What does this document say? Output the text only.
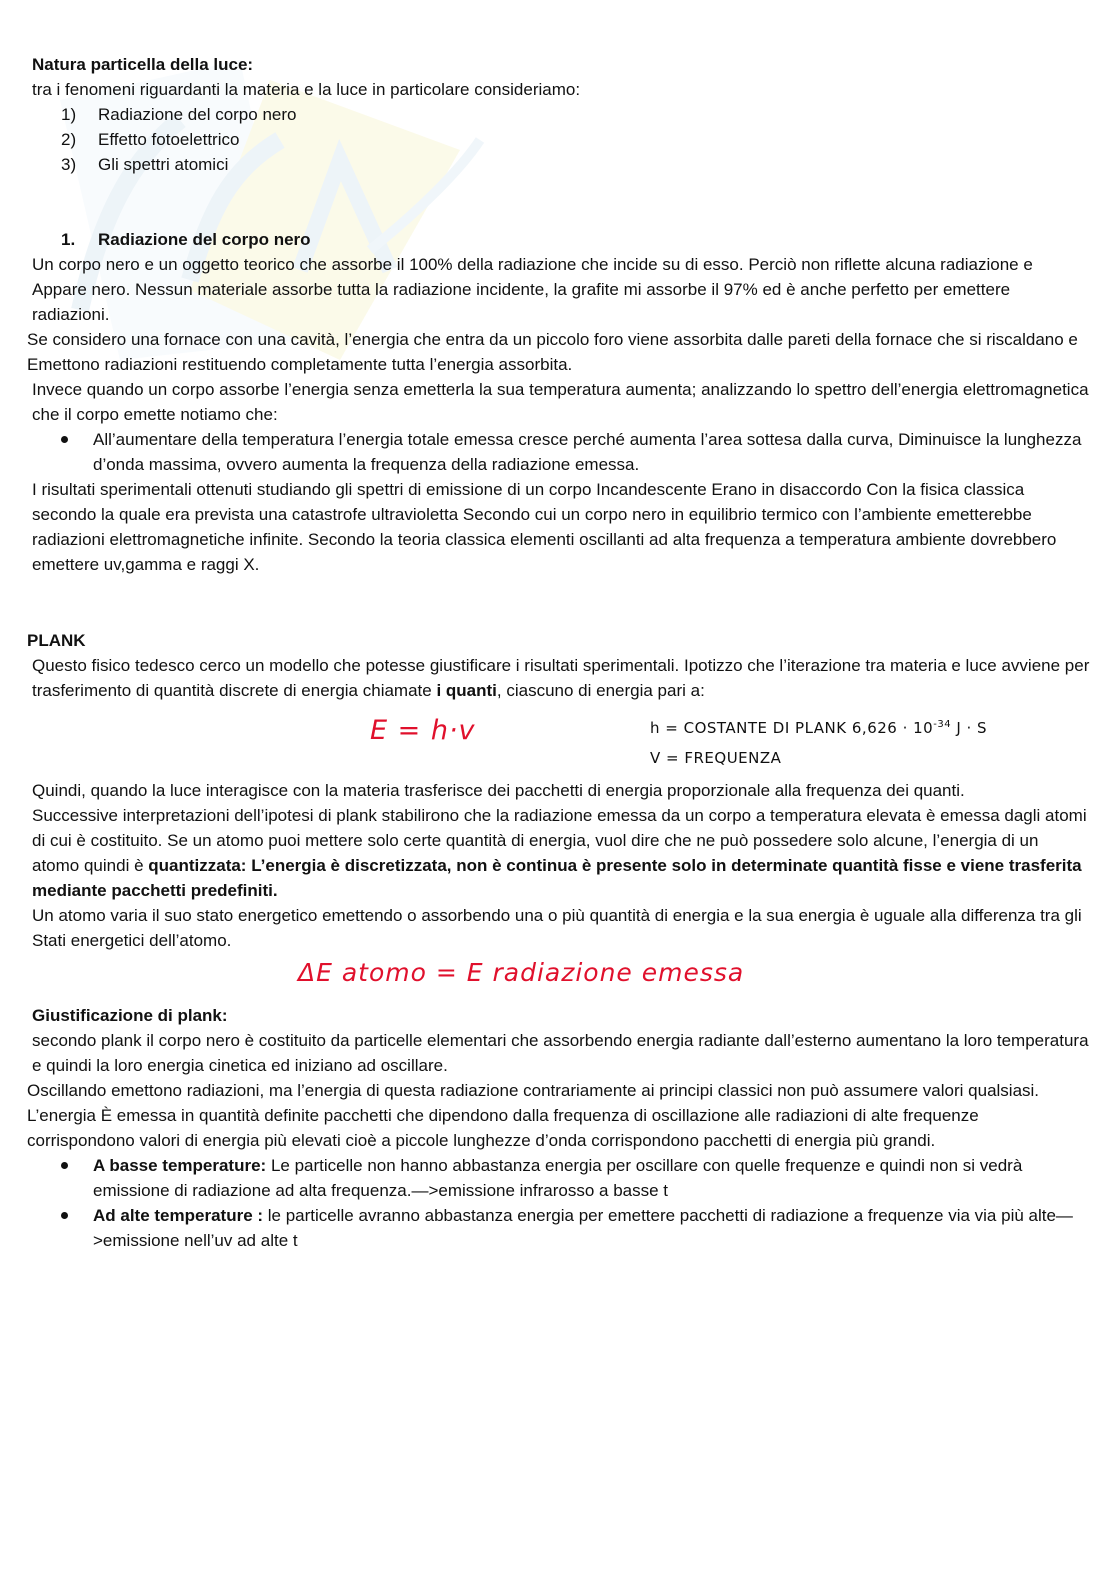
Natura particella della luce:
tra i fenomeni riguardanti la materia e la luce in particolare consideriamo:
1)	Radiazione del corpo nero
2)	Effetto fotoelettrico
3)	Gli spettri atomici
1. Radiazione del corpo nero
Un corpo nero e un oggetto teorico che assorbe il 100% della radiazione che incide su di esso. Perciò non riflette alcuna radiazione e Appare nero. Nessun materiale assorbe tutta la radiazione incidente, la grafite mi assorbe il 97% ed è anche perfetto per emettere radiazioni.
Se considero una fornace con una cavità, l’energia che entra da un piccolo foro viene assorbita dalle pareti della fornace che si riscaldano e Emettono radiazioni restituendo completamente tutta l’energia assorbita.
Invece quando un corpo assorbe l’energia senza emetterla la sua temperatura aumenta; analizzando lo spettro dell’energia elettromagnetica che il corpo emette notiamo che:
All’aumentare della temperatura l’energia totale emessa cresce perché aumenta l’area sottesa dalla curva, Diminuisce la lunghezza d’onda massima, ovvero aumenta la frequenza della radiazione emessa.
I risultati sperimentali ottenuti studiando gli spettri di emissione di un corpo Incandescente Erano in disaccordo Con la fisica classica secondo la quale era prevista una catastrofe ultravioletta Secondo cui un corpo nero in equilibrio termico con l’ambiente emetterebbe radiazioni elettromagnetiche infinite. Secondo la teoria classica elementi oscillanti ad alta frequenza a temperatura ambiente dovrebbero emettere uv,gamma e raggi X.
PLANK
Questo fisico tedesco cerco un modello che potesse giustificare i risultati sperimentali. Ipotizzo che l’iterazione tra materia e luce avviene per trasferimento di quantità discrete di energia chiamate i quanti, ciascuno di energia pari a:
E = h·v	h = COSTANTE DI PLANK $6,626 \cdot 10^{-34}$ J · S
V = FREQUENZA
Quindi, quando la luce interagisce con la materia trasferisce dei pacchetti di energia proporzionale alla frequenza dei quanti.
Successive interpretazioni dell’ipotesi di plank stabilirono che la radiazione emessa da un corpo a temperatura elevata è emessa dagli atomi di cui è costituito. Se un atomo puoi mettere solo certe quantità di energia, vuol dire che ne può possedere solo alcune, l’energia di un atomo quindi è quantizzata: L’energia è discretizzata, non è continua è presente solo in determinate quantità fisse e viene trasferita mediante pacchetti predefiniti.
Un atomo varia il suo stato energetico emettendo o assorbendo una o più quantità di energia e la sua energia è uguale alla differenza tra gli Stati energetici dell’atomo.
ΔE atomo = E radiazione emessa
Giustificazione di plank:
secondo plank il corpo nero è costituito da particelle elementari che assorbendo energia radiante dall’esterno aumentano la loro temperatura e quindi la loro energia cinetica ed iniziano ad oscillare.
Oscillando emettono radiazioni, ma l’energia di questa radiazione contrariamente ai principi classici non può assumere valori qualsiasi. L’energia È emessa in quantità definite pacchetti che dipendono dalla frequenza di oscillazione alle radiazioni di alte frequenze corrispondono valori di energia più elevati cioè a piccole lunghezze d’onda corrispondono pacchetti di energia più grandi.
A basse temperature: Le particelle non hanno abbastanza energia per oscillare con quelle frequenze e quindi non si vedrà emissione di radiazione ad alta frequenza.—>emissione infrarosso a basse t
Ad alte temperature : le particelle avranno abbastanza energia per emettere pacchetti di radiazione a frequenze via via più alte—>emissione nell’uv ad alte t
